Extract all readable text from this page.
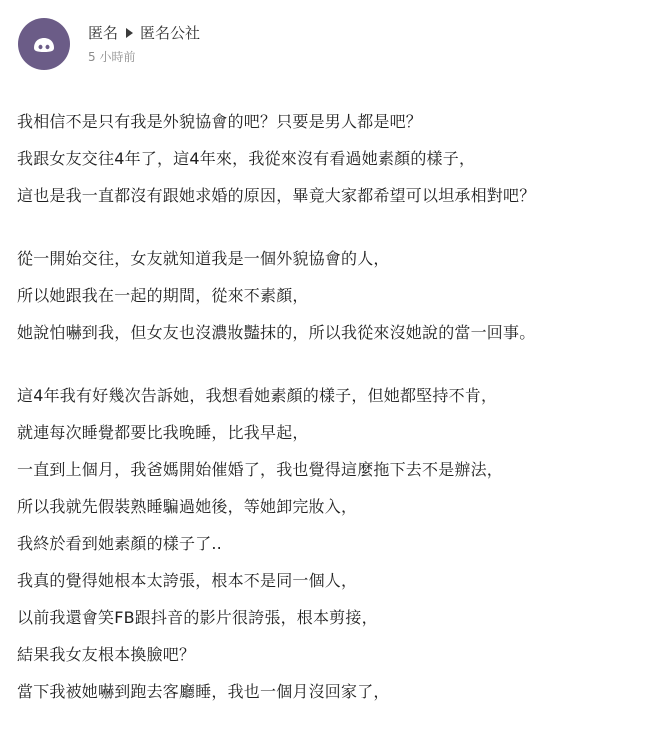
匿名 匿名公社
5 小時前
我相信不是只有我是外貌協會的吧？只要是男人都是吧？
我跟女友交往4年了，這4年來，我從來沒有看過她素顏的樣子，
這也是我一直都沒有跟她求婚的原因，畢竟大家都希望可以坦承相對吧？
從一開始交往，女友就知道我是一個外貌協會的人，
所以她跟我在一起的期間，從來不素顏，
她說怕嚇到我，但女友也沒濃妝豔抹的，所以我從來沒她說的當一回事。
這4年我有好幾次告訴她，我想看她素顏的樣子，但她都堅持不肯，
就連每次睡覺都要比我晚睡，比我早起，
一直到上個月，我爸媽開始催婚了，我也覺得這麼拖下去不是辦法，
所以我就先假裝熟睡騙過她後，等她卸完妝入，
我終於看到她素顏的樣子了..
我真的覺得她根本太誇張，根本不是同一個人，
以前我還會笑FB跟抖音的影片很誇張，根本剪接，
結果我女友根本換臉吧？
當下我被她嚇到跑去客廳睡，我也一個月沒回家了，
